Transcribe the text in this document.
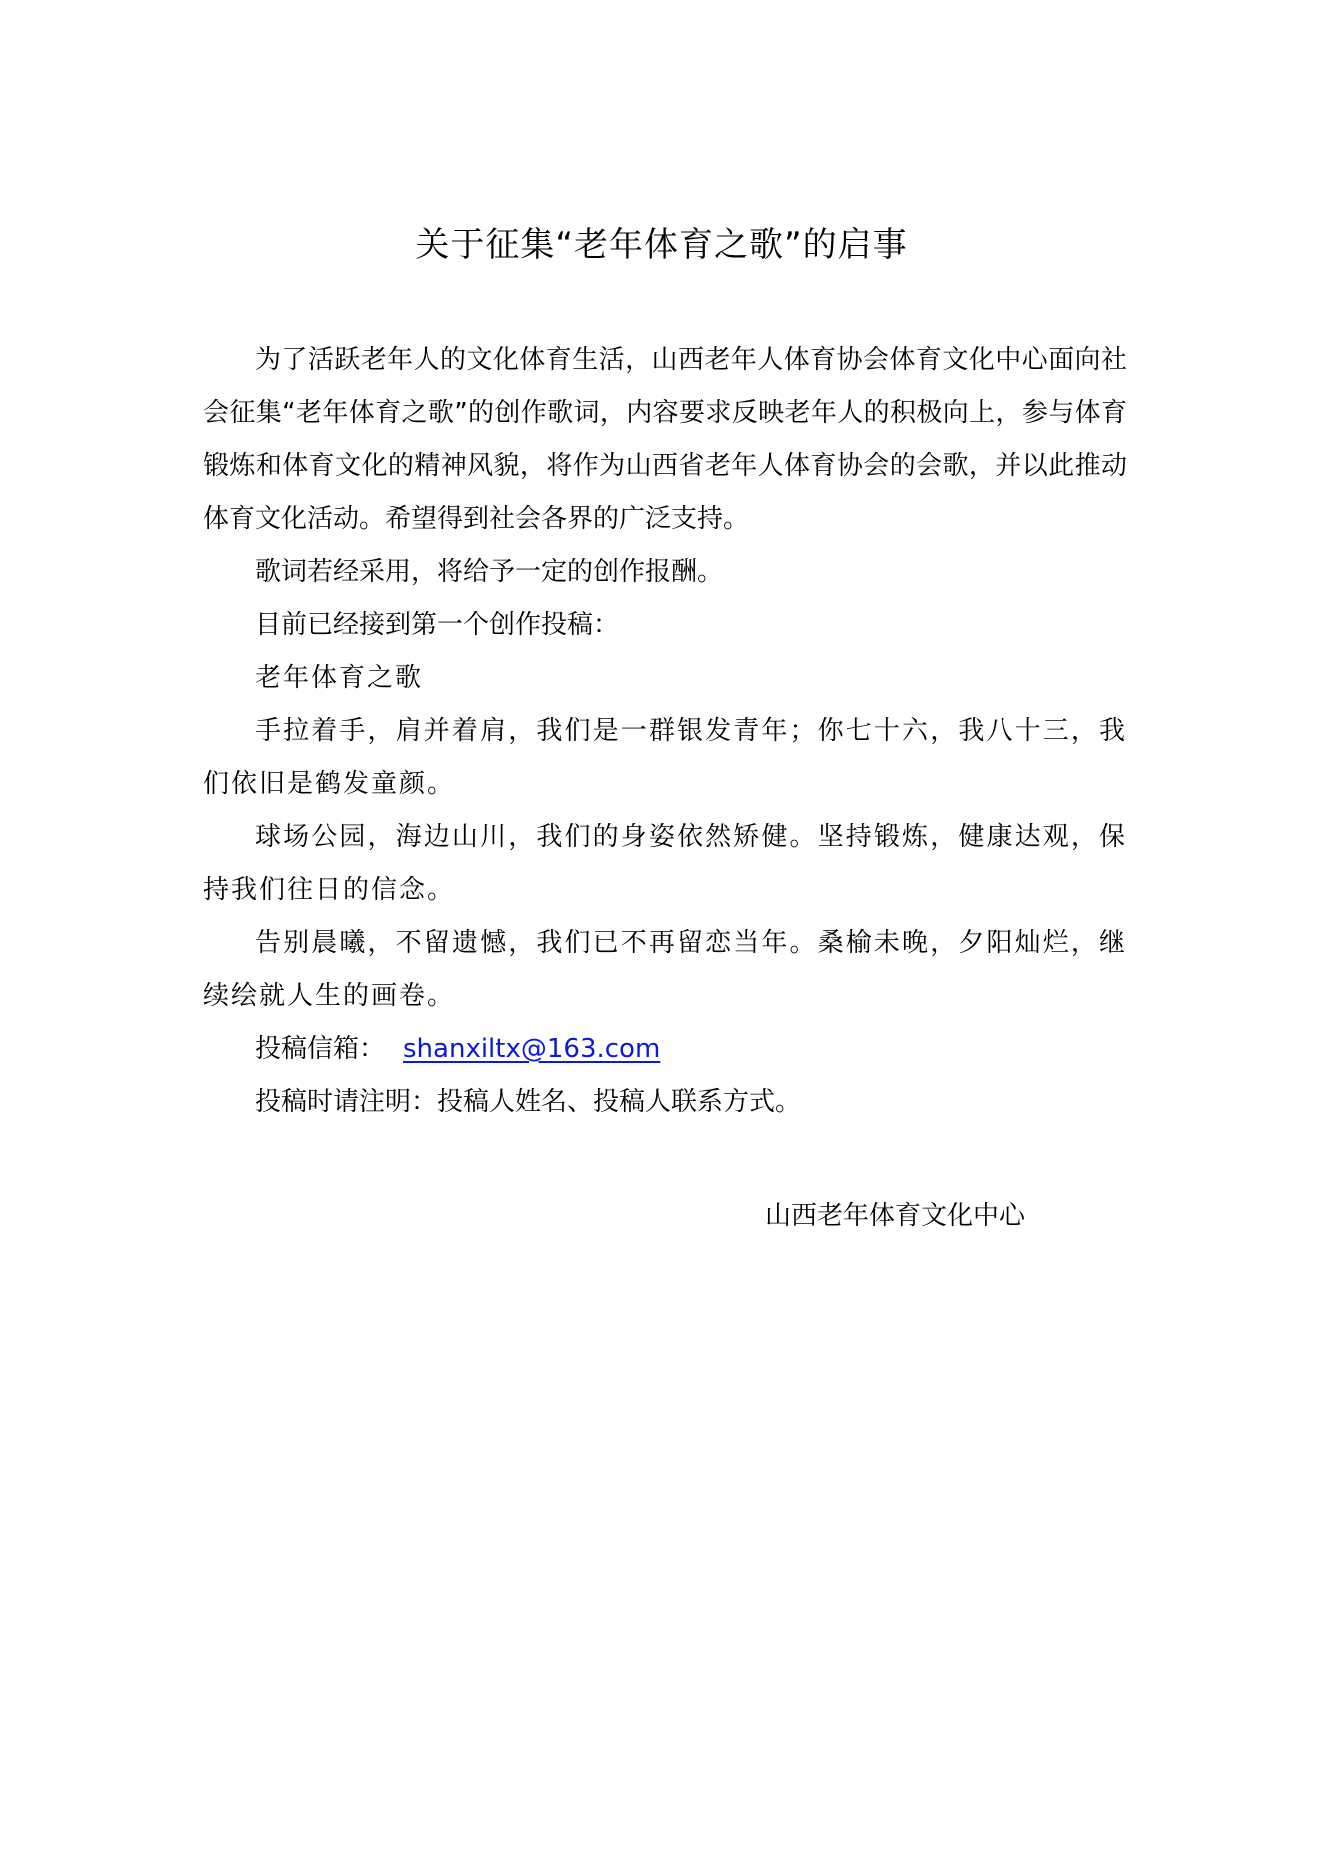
关于征集“老年体育之歌”的启事

为了活跃老年人的文化体育生活，山西老年人体育协会体育文化中心面向社会征集“老年体育之歌”的创作歌词，内容要求反映老年人的积极向上，参与体育锻炼和体育文化的精神风貌，将作为山西省老年人体育协会的会歌，并以此推动体育文化活动。希望得到社会各界的广泛支持。

歌词若经采用，将给予一定的创作报酬。

目前已经接到第一个创作投稿：

老年体育之歌

手拉着手，肩并着肩，我们是一群银发青年；你七十六，我八十三，我们依旧是鹤发童颜。

球场公园，海边山川，我们的身姿依然矫健。坚持锻炼，健康达观，保持我们往日的信念。

告别晨曦，不留遗憾，我们已不再留恋当年。桑榆未晚，夕阳灿烂，继续绘就人生的画卷。

投稿信箱： shanxiltx@163.com

投稿时请注明：投稿人姓名、投稿人联系方式。

山西老年体育文化中心
